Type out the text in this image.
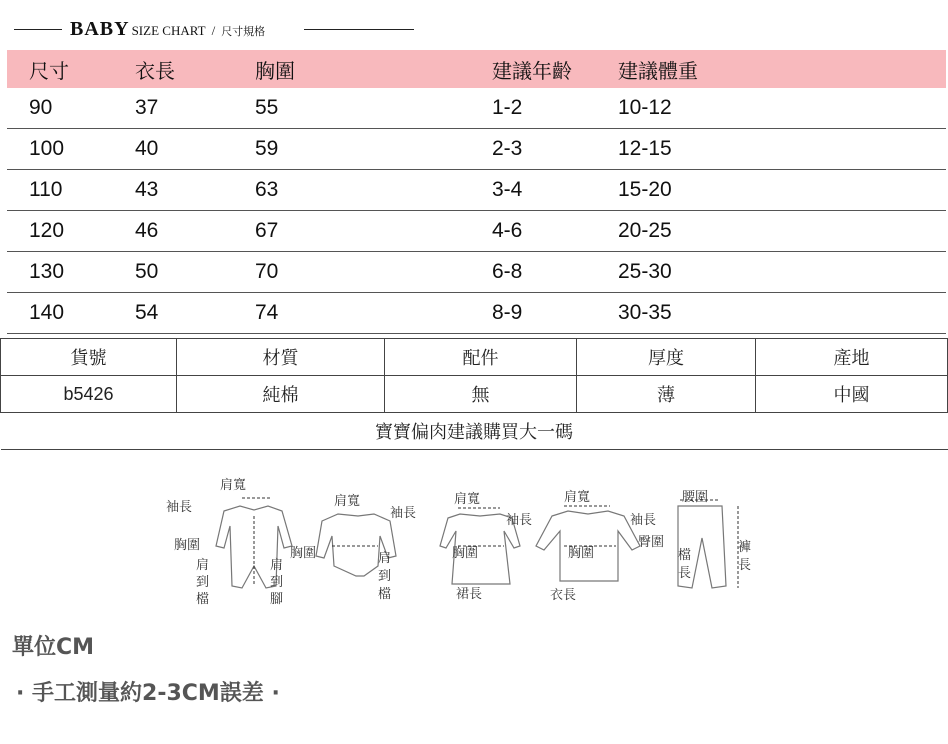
BABY SIZE CHART / 尺寸規格
尺寸	衣長	胸圍	建議年齡	建議體重
90	37	55	1-2	10-12
100	40	59	2-3	12-15
110	43	63	3-4	15-20
120	46	67	4-6	20-25
130	50	70	6-8	25-30
140	54	74	8-9	30-35
貨號	材質	配件	厚度	產地
b5426	純棉	無	薄	中國
寶寶偏肉建議購買大一碼				
肩寬
袖長
胸圍
肩
到
檔
肩
到
腳
肩寬
袖長
胸圍	肩
到
檔
肩寬
袖長
胸圍
裙長
肩寬
袖長
胸圍
衣長
腰圍
臀圍
檔
長
褲
長
單位CM
· 手工測量約2-3CM誤差 ·
